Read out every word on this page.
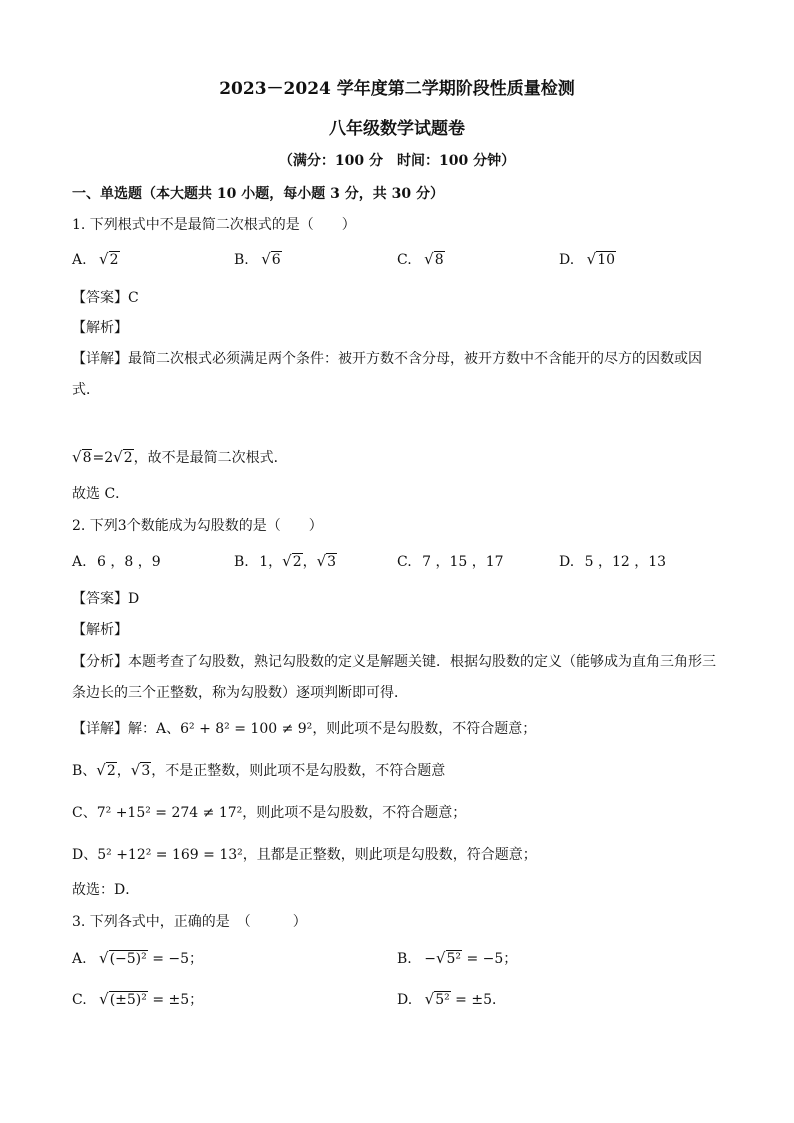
2023－2024 学年度第二学期阶段性质量检测
八年级数学试题卷
（满分：100 分　时间：100 分钟）
一、单选题（本大题共 10 小题，每小题 3 分，共 30 分）
1. 下列根式中不是最简二次根式的是（　　）
A. √2	B. √6	C. √8	D. √10
【答案】C
【解析】
【详解】最简二次根式必须满足两个条件：被开方数不含分母，被开方数中不含能开的尽方的因数或因
式．
√8=2√2，故不是最简二次根式．
故选 C．
2. 下列3个数能成为勾股数的是（　　）
A. 6 ，8 ，9	B. 1，√2，√3	C. 7 ，15 ，17	D. 5 ，12 ，13
【答案】D
【解析】
【分析】本题考查了勾股数，熟记勾股数的定义是解题关键．根据勾股数的定义（能够成为直角三角形三
条边长的三个正整数，称为勾股数）逐项判断即可得．
【详解】解：A、6² + 8² = 100 ≠ 9²，则此项不是勾股数，不符合题意；
B、√2，√3，不是正整数，则此项不是勾股数，不符合题意
C、7² +15² = 274 ≠ 17²，则此项不是勾股数，不符合题意；
D、5² +12² = 169 = 13²，且都是正整数，则此项是勾股数，符合题意；
故选：D．
3. 下列各式中，正确的是　（　　　）
A. √(−5)² = −5；	B. −√5² = −5；
C. √(±5)² = ±5；	D. √5² = ±5．
